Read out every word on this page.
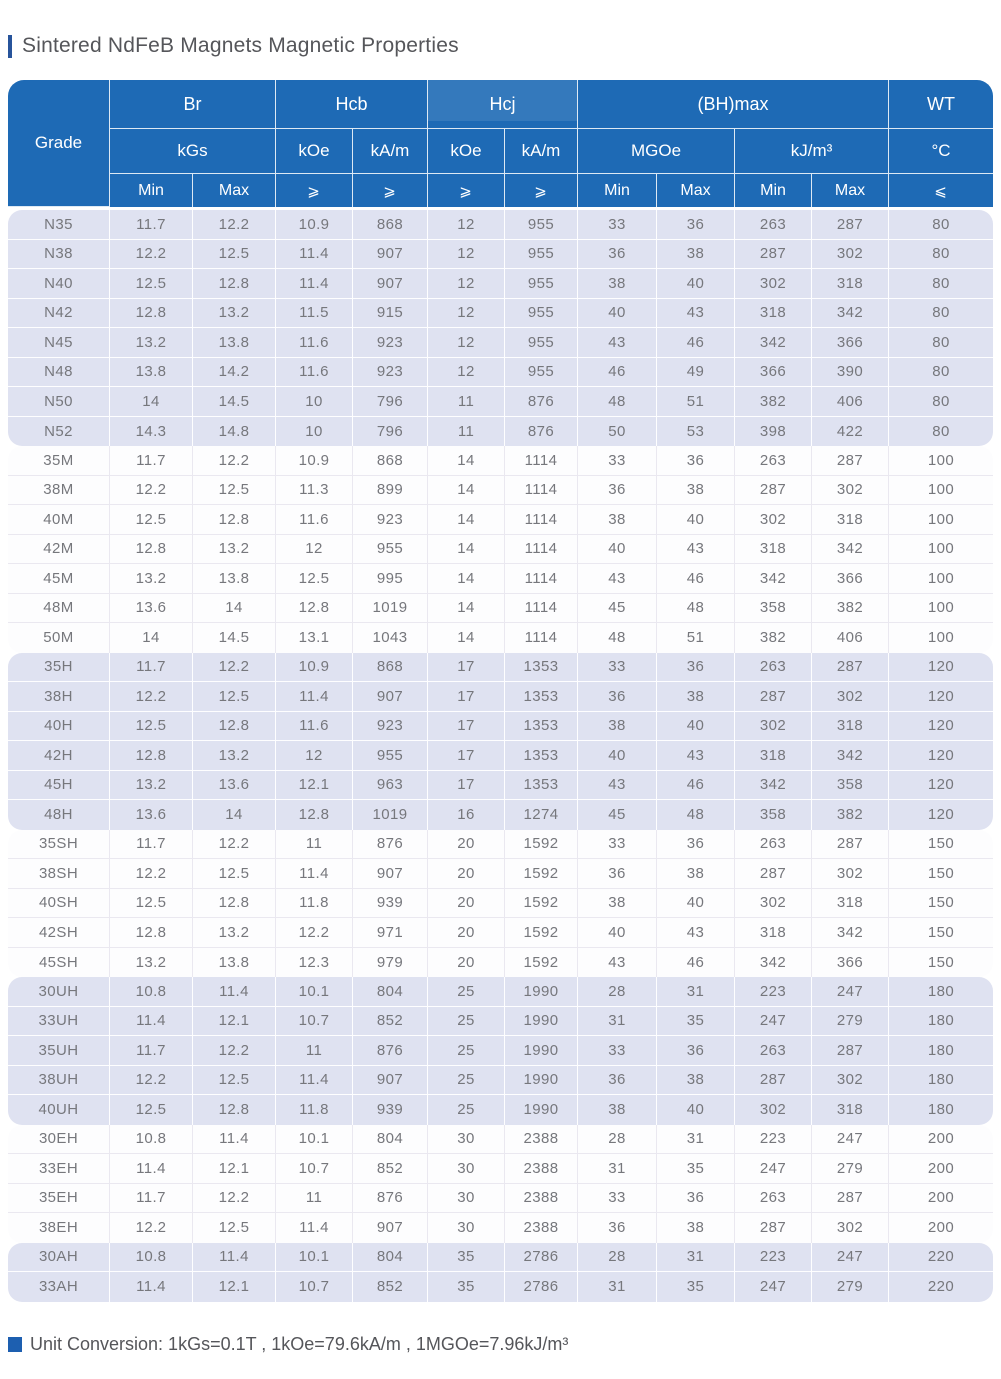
Sintered NdFeB Magnets Magnetic Properties
Grade
Br	Hcb	Hcj	(BH)max	WT
kGs	kOe	kA/m	kOe	kA/m	MGOe	kJ/m³	°C
Min	Max	⩾	⩾	⩾	⩾	Min	Max	Min	Max	⩽
N35	11.7	12.2	10.9	868	12	955	33	36	263	287	80
N38	12.2	12.5	11.4	907	12	955	36	38	287	302	80
N40	12.5	12.8	11.4	907	12	955	38	40	302	318	80
N42	12.8	13.2	11.5	915	12	955	40	43	318	342	80
N45	13.2	13.8	11.6	923	12	955	43	46	342	366	80
N48	13.8	14.2	11.6	923	12	955	46	49	366	390	80
N50	14	14.5	10	796	11	876	48	51	382	406	80
N52	14.3	14.8	10	796	11	876	50	53	398	422	80
35M	11.7	12.2	10.9	868	14	1114	33	36	263	287	100
38M	12.2	12.5	11.3	899	14	1114	36	38	287	302	100
40M	12.5	12.8	11.6	923	14	1114	38	40	302	318	100
42M	12.8	13.2	12	955	14	1114	40	43	318	342	100
45M	13.2	13.8	12.5	995	14	1114	43	46	342	366	100
48M	13.6	14	12.8	1019	14	1114	45	48	358	382	100
50M	14	14.5	13.1	1043	14	1114	48	51	382	406	100
35H	11.7	12.2	10.9	868	17	1353	33	36	263	287	120
38H	12.2	12.5	11.4	907	17	1353	36	38	287	302	120
40H	12.5	12.8	11.6	923	17	1353	38	40	302	318	120
42H	12.8	13.2	12	955	17	1353	40	43	318	342	120
45H	13.2	13.6	12.1	963	17	1353	43	46	342	358	120
48H	13.6	14	12.8	1019	16	1274	45	48	358	382	120
35SH	11.7	12.2	11	876	20	1592	33	36	263	287	150
38SH	12.2	12.5	11.4	907	20	1592	36	38	287	302	150
40SH	12.5	12.8	11.8	939	20	1592	38	40	302	318	150
42SH	12.8	13.2	12.2	971	20	1592	40	43	318	342	150
45SH	13.2	13.8	12.3	979	20	1592	43	46	342	366	150
30UH	10.8	11.4	10.1	804	25	1990	28	31	223	247	180
33UH	11.4	12.1	10.7	852	25	1990	31	35	247	279	180
35UH	11.7	12.2	11	876	25	1990	33	36	263	287	180
38UH	12.2	12.5	11.4	907	25	1990	36	38	287	302	180
40UH	12.5	12.8	11.8	939	25	1990	38	40	302	318	180
30EH	10.8	11.4	10.1	804	30	2388	28	31	223	247	200
33EH	11.4	12.1	10.7	852	30	2388	31	35	247	279	200
35EH	11.7	12.2	11	876	30	2388	33	36	263	287	200
38EH	12.2	12.5	11.4	907	30	2388	36	38	287	302	200
30AH	10.8	11.4	10.1	804	35	2786	28	31	223	247	220
33AH	11.4	12.1	10.7	852	35	2786	31	35	247	279	220
Unit Conversion: 1kGs=0.1T , 1kOe=79.6kA/m , 1MGOe=7.96kJ/m³
